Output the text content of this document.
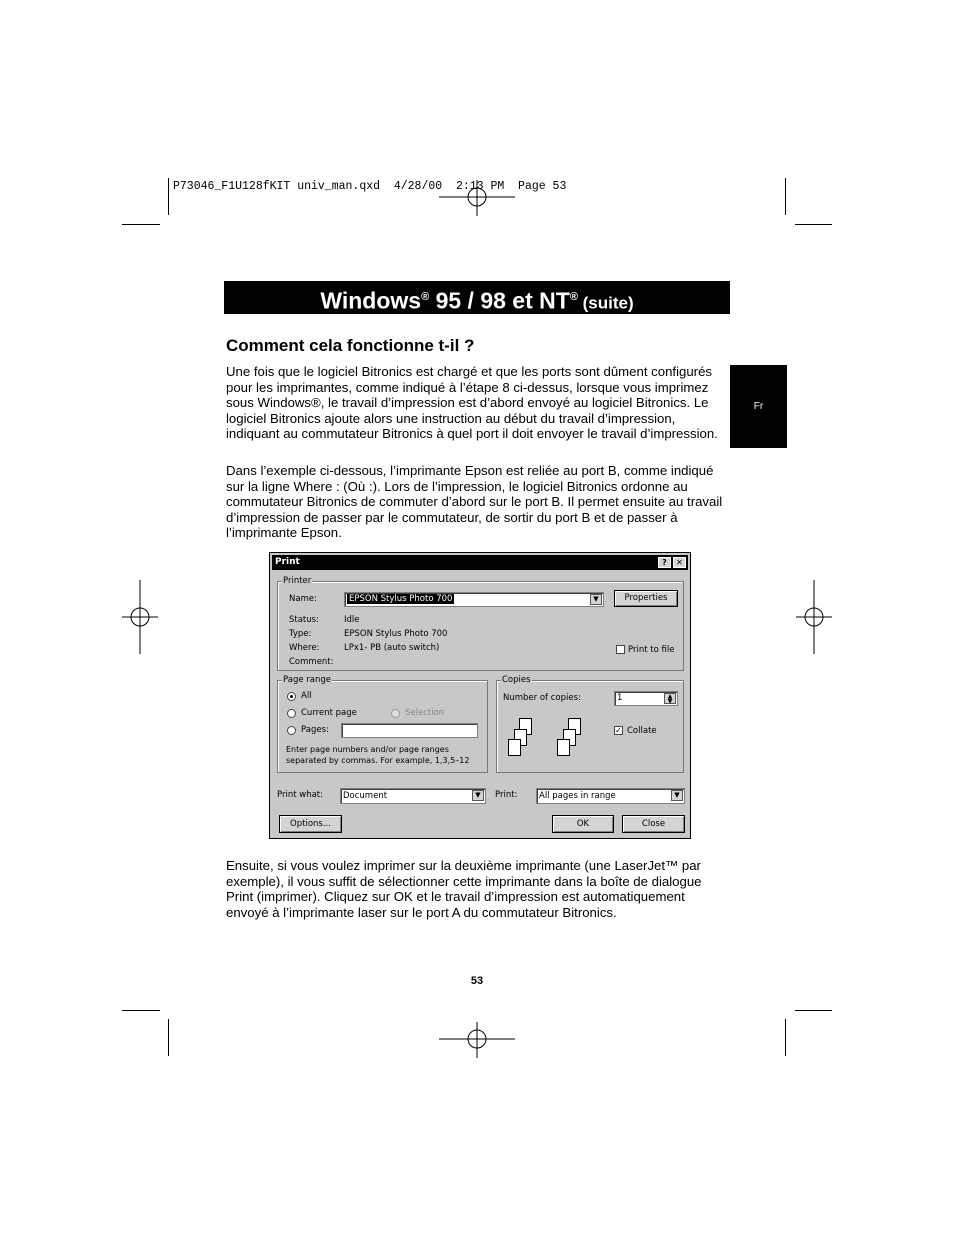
P73046_F1U128fKIT univ_man.qxd  4/28/00  2:13 PM  Page 53
Windows® 95 / 98 et NT® (suite)
Fr
Comment cela fonctionne t-il ?
Une fois que le logiciel Bitronics est chargé et que les ports sont dûment configurés pour les imprimantes, comme indiqué à l’étape 8 ci-dessus, lorsque vous imprimez sous Windows®, le travail d’impression est d’abord envoyé au logiciel Bitronics. Le logiciel Bitronics ajoute alors une instruction au début du travail d’impression, indiquant au commutateur Bitronics à quel port il doit envoyer le travail d’impression.
Dans l’exemple ci-dessous, l’imprimante Epson est reliée au port B, comme indiqué sur la ligne Where : (Où :). Lors de l’impression, le logiciel Bitronics ordonne au commutateur Bitronics de commuter d’abord sur le port B. Il permet ensuite au travail d’impression de passer par le commutateur, de sortir du port B et de passer à l’imprimante Epson.
Ensuite, si vous voulez imprimer sur la deuxième imprimante (une LaserJet™ par exemple), il vous suffit de sélectionner cette imprimante dans la boîte de dialogue Print (imprimer). Cliquez sur OK et le travail d’impression est automatiquement envoyé à l’imprimante laser sur le port A du commutateur Bitronics.
53
Print	?	✕
Printer
Name:	EPSON Stylus Photo 700	▼	Properties
Status:	Idle
Type:	EPSON Stylus Photo 700
Where:	LPx1- PB (auto switch)
Comment:
Print to file
Page range
All
Current page	Selection
Pages:
Enter page numbers and/or page ranges
separated by commas. For example, 1,3,5–12
Copies
Number of copies:	1	▲
▼
✓ Collate
Print what:	Document	▼	Print:	All pages in range	▼
Options...	OK	Close
